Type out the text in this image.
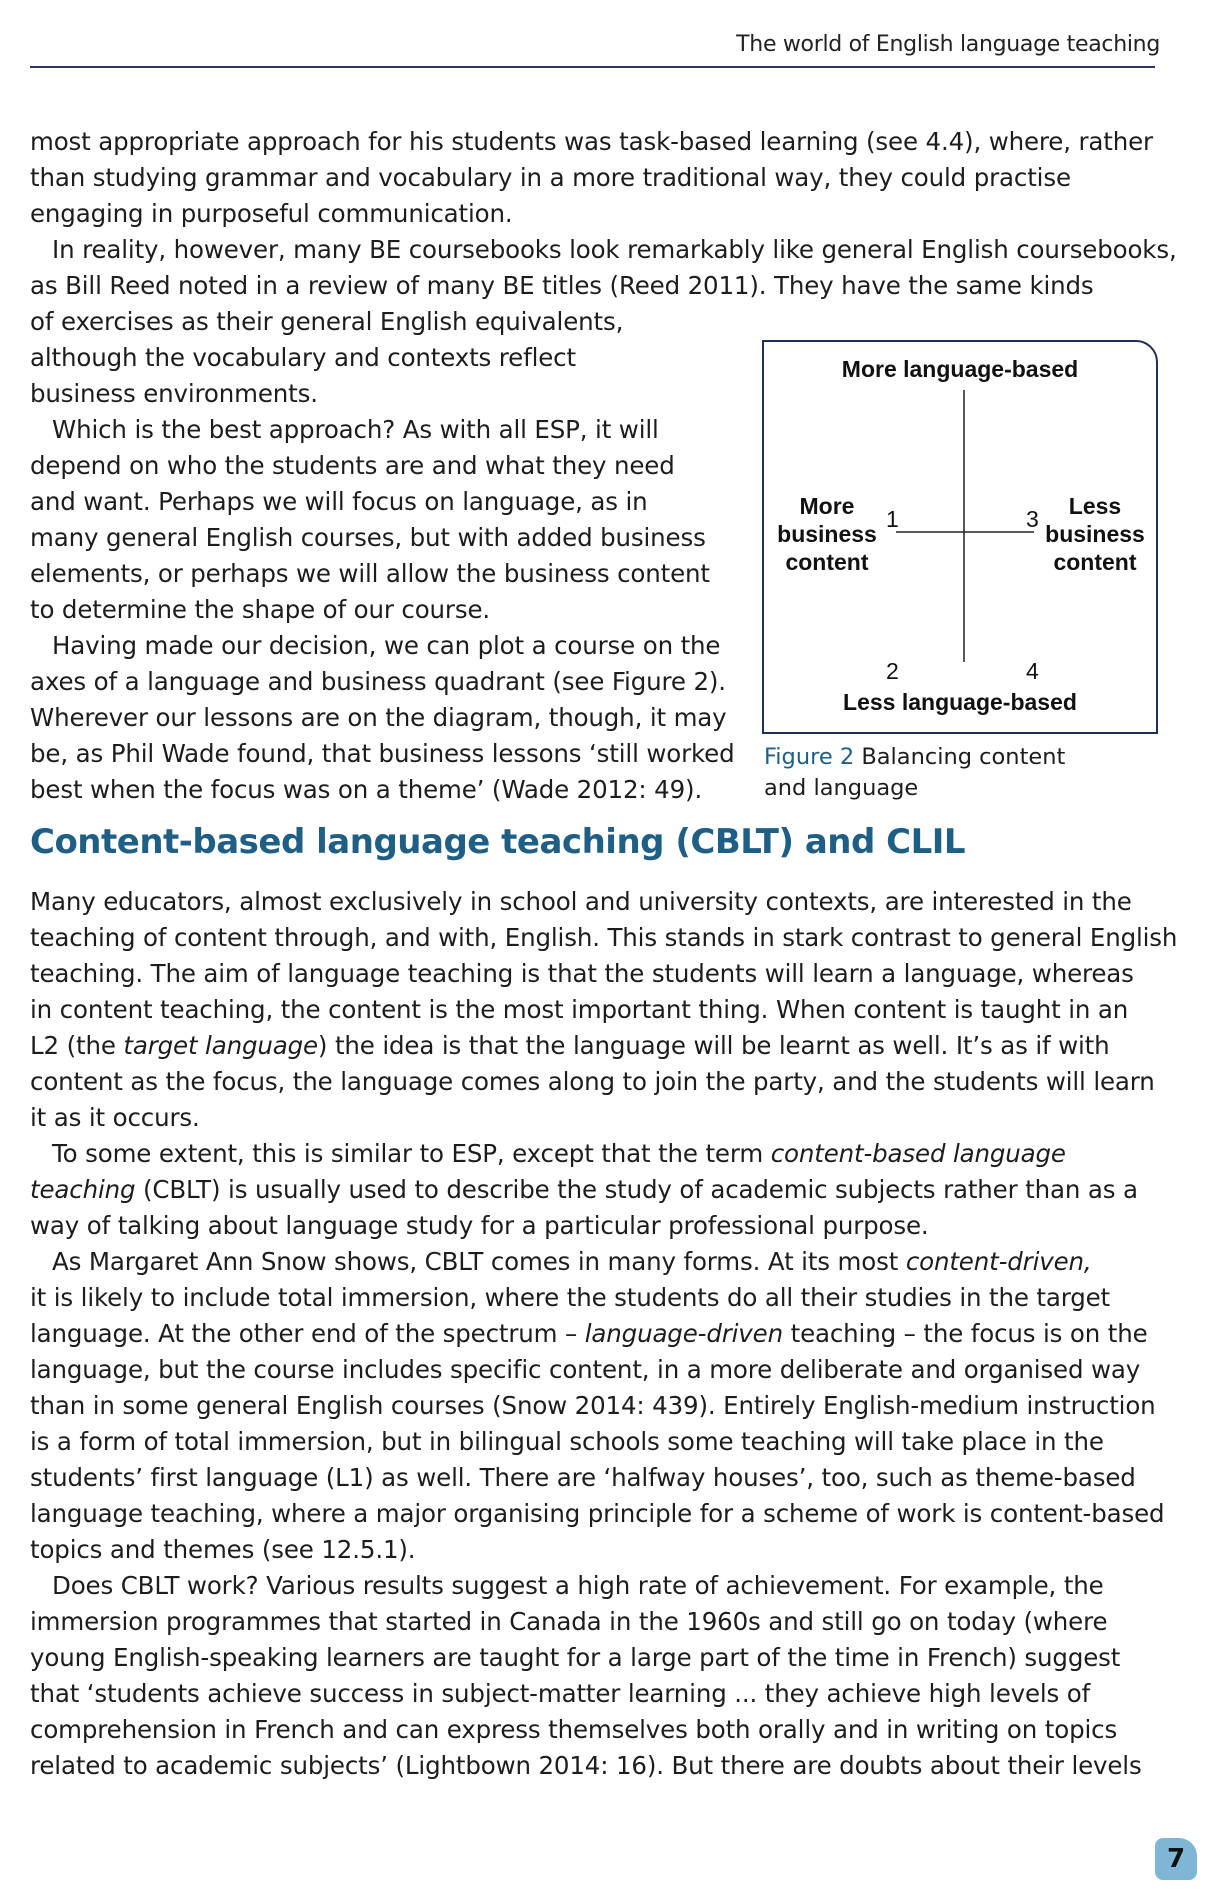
The world of English language teaching

most appropriate approach for his students was task-based learning (see 4.4), where, rather
than studying grammar and vocabulary in a more traditional way, they could practise
engaging in purposeful communication.

In reality, however, many BE coursebooks look remarkably like general English coursebooks,
as Bill Reed noted in a review of many BE titles (Reed 2011). They have the same kinds
of exercises as their general English equivalents,
although the vocabulary and contexts reflect
business environments.

Which is the best approach? As with all ESP, it will
depend on who the students are and what they need
and want. Perhaps we will focus on language, as in
many general English courses, but with added business
elements, or perhaps we will allow the business content
to determine the shape of our course.

Having made our decision, we can plot a course on the
axes of a language and business quadrant (see Figure 2).
Wherever our lessons are on the diagram, though, it may
be, as Phil Wade found, that business lessons ‘still worked
best when the focus was on a theme’ (Wade 2012: 49).

More language-based
Less language-based
More
business
content
Less
business
content
1
2
3
4
Figure 2 Balancing content
and language
Content-based language teaching (CBLT) and CLIL

Many educators, almost exclusively in school and university contexts, are interested in the
teaching of content through, and with, English. This stands in stark contrast to general English
teaching. The aim of language teaching is that the students will learn a language, whereas
in content teaching, the content is the most important thing. When content is taught in an
L2 (the target language) the idea is that the language will be learnt as well. It’s as if with
content as the focus, the language comes along to join the party, and the students will learn
it as it occurs.

To some extent, this is similar to ESP, except that the term content-based language
teaching (CBLT) is usually used to describe the study of academic subjects rather than as a
way of talking about language study for a particular professional purpose.

As Margaret Ann Snow shows, CBLT comes in many forms. At its most content-driven,
it is likely to include total immersion, where the students do all their studies in the target
language. At the other end of the spectrum – language-driven teaching – the focus is on the
language, but the course includes specific content, in a more deliberate and organised way
than in some general English courses (Snow 2014: 439). Entirely English-medium instruction
is a form of total immersion, but in bilingual schools some teaching will take place in the
students’ first language (L1) as well. There are ‘halfway houses’, too, such as theme-based
language teaching, where a major organising principle for a scheme of work is content-based
topics and themes (see 12.5.1).

Does CBLT work? Various results suggest a high rate of achievement. For example, the
immersion programmes that started in Canada in the 1960s and still go on today (where
young English-speaking learners are taught for a large part of the time in French) suggest
that ‘students achieve success in subject-matter learning ... they achieve high levels of
comprehension in French and can express themselves both orally and in writing on topics
related to academic subjects’ (Lightbown 2014: 16). But there are doubts about their levels

7
